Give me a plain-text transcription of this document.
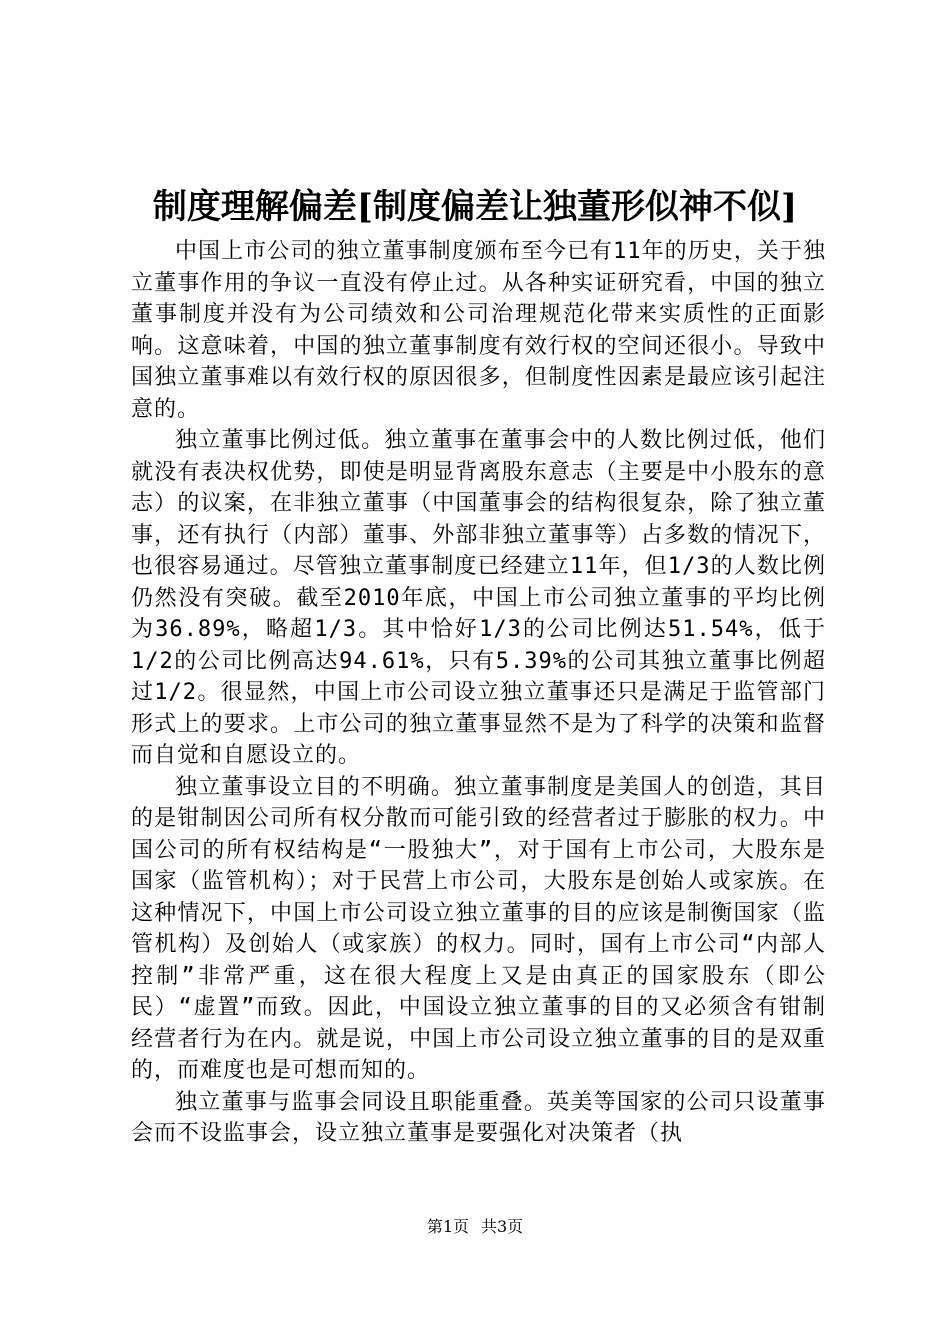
制度理解偏差[制度偏差让独董形似神不似]

中国上市公司的独立董事制度颁布至今已有11年的历史，关于独立董事作用的争议一直没有停止过。从各种实证研究看，中国的独立董事制度并没有为公司绩效和公司治理规范化带来实质性的正面影响。这意味着，中国的独立董事制度有效行权的空间还很小。导致中国独立董事难以有效行权的原因很多，但制度性因素是最应该引起注意的。

独立董事比例过低。独立董事在董事会中的人数比例过低，他们就没有表决权优势，即使是明显背离股东意志（主要是中小股东的意志）的议案，在非独立董事（中国董事会的结构很复杂，除了独立董事，还有执行（内部）董事、外部非独立董事等）占多数的情况下，也很容易通过。尽管独立董事制度已经建立11年，但1/3的人数比例仍然没有突破。截至2010年底，中国上市公司独立董事的平均比例为36.89%，略超1/3。其中恰好1/3的公司比例达51.54%，低于1/2的公司比例高达94.61%，只有5.39%的公司其独立董事比例超过1/2。很显然，中国上市公司设立独立董事还只是满足于监管部门形式上的要求。上市公司的独立董事显然不是为了科学的决策和监督而自觉和自愿设立的。

独立董事设立目的不明确。独立董事制度是美国人的创造，其目的是钳制因公司所有权分散而可能引致的经营者过于膨胀的权力。中国公司的所有权结构是“一股独大”，对于国有上市公司，大股东是国家（监管机构）；对于民营上市公司，大股东是创始人或家族。在这种情况下，中国上市公司设立独立董事的目的应该是制衡国家（监管机构）及创始人（或家族）的权力。同时，国有上市公司“内部人控制”非常严重，这在很大程度上又是由真正的国家股东（即公民）“虚置”而致。因此，中国设立独立董事的目的又必须含有钳制经营者行为在内。就是说，中国上市公司设立独立董事的目的是双重的，而难度也是可想而知的。

独立董事与监事会同设且职能重叠。英美等国家的公司只设董事会而不设监事会，设立独立董事是要强化对决策者（执

第1页 共3页
